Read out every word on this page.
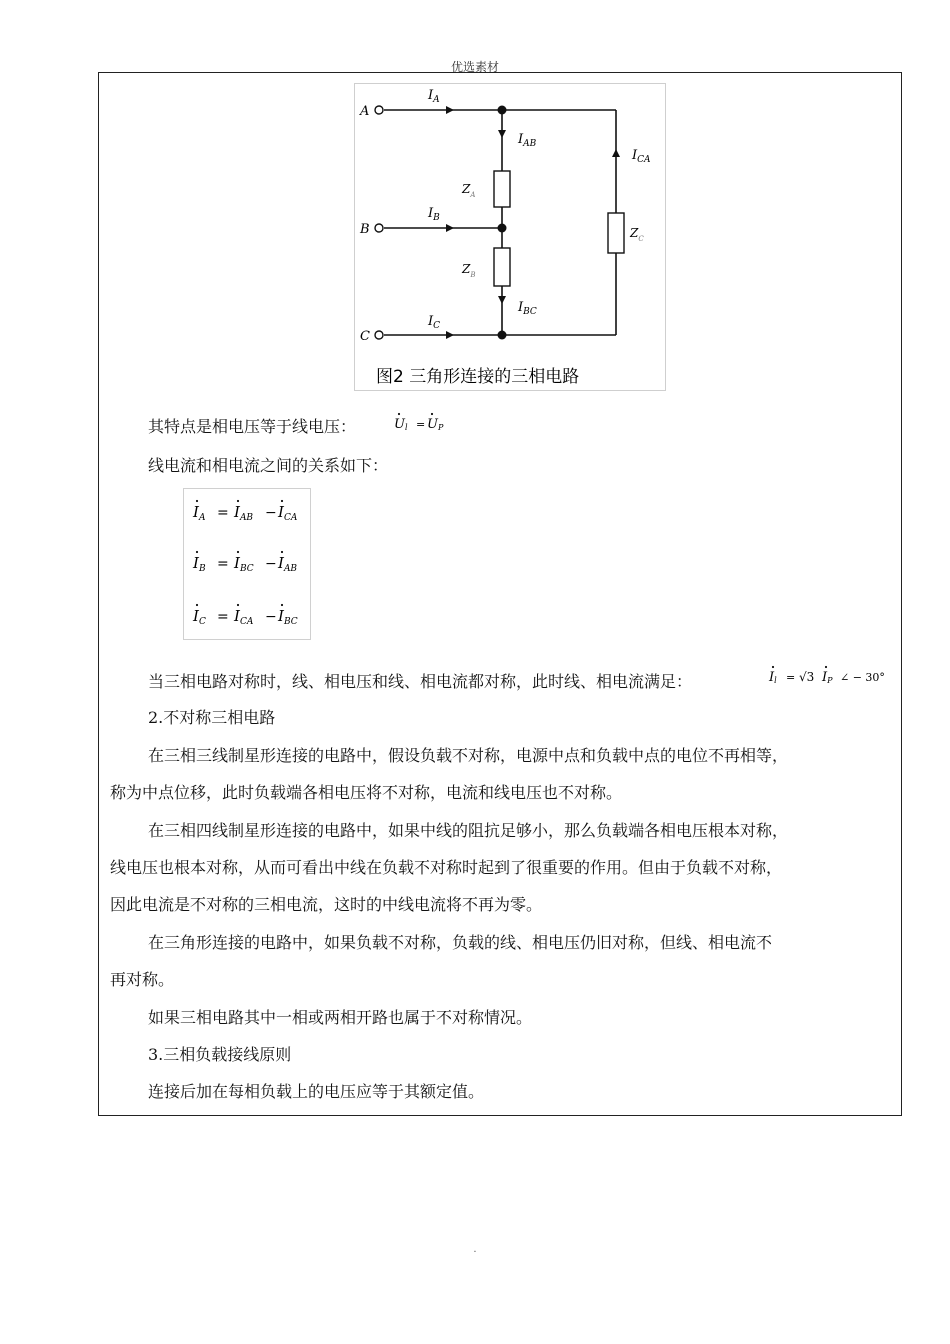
优选素材
A
B
C
$I_A$
$I_B$
$I_C$
$I_{AB}$
$I_{BC}$
$I_{CA}$
$Z_A$
$Z_B$
$Z_C$
图2 三角形连接的三相电路
其特点是相电压等于线电压：	Ul = UP
线电流和相电流之间的关系如下：
$I_A = I_{AB} - I_{CA}$
$I_B = I_{BC} - I_{AB}$
$I_C = I_{CA} - I_{BC}$
当三相电路对称时，线、相电压和线、相电流都对称，此时线、相电流满足：	Il = √3 IP ∠ − 30°
2.不对称三相电路
在三相三线制星形连接的电路中，假设负载不对称，电源中点和负载中点的电位不再相等，
称为中点位移，此时负载端各相电压将不对称，电流和线电压也不对称。
在三相四线制星形连接的电路中，如果中线的阻抗足够小，那么负载端各相电压根本对称，
线电压也根本对称，从而可看出中线在负载不对称时起到了很重要的作用。但由于负载不对称，
因此电流是不对称的三相电流，这时的中线电流将不再为零。
在三角形连接的电路中，如果负载不对称，负载的线、相电压仍旧对称，但线、相电流不
再对称。
如果三相电路其中一相或两相开路也属于不对称情况。
3.三相负载接线原则
连接后加在每相负载上的电压应等于其额定值。
.
